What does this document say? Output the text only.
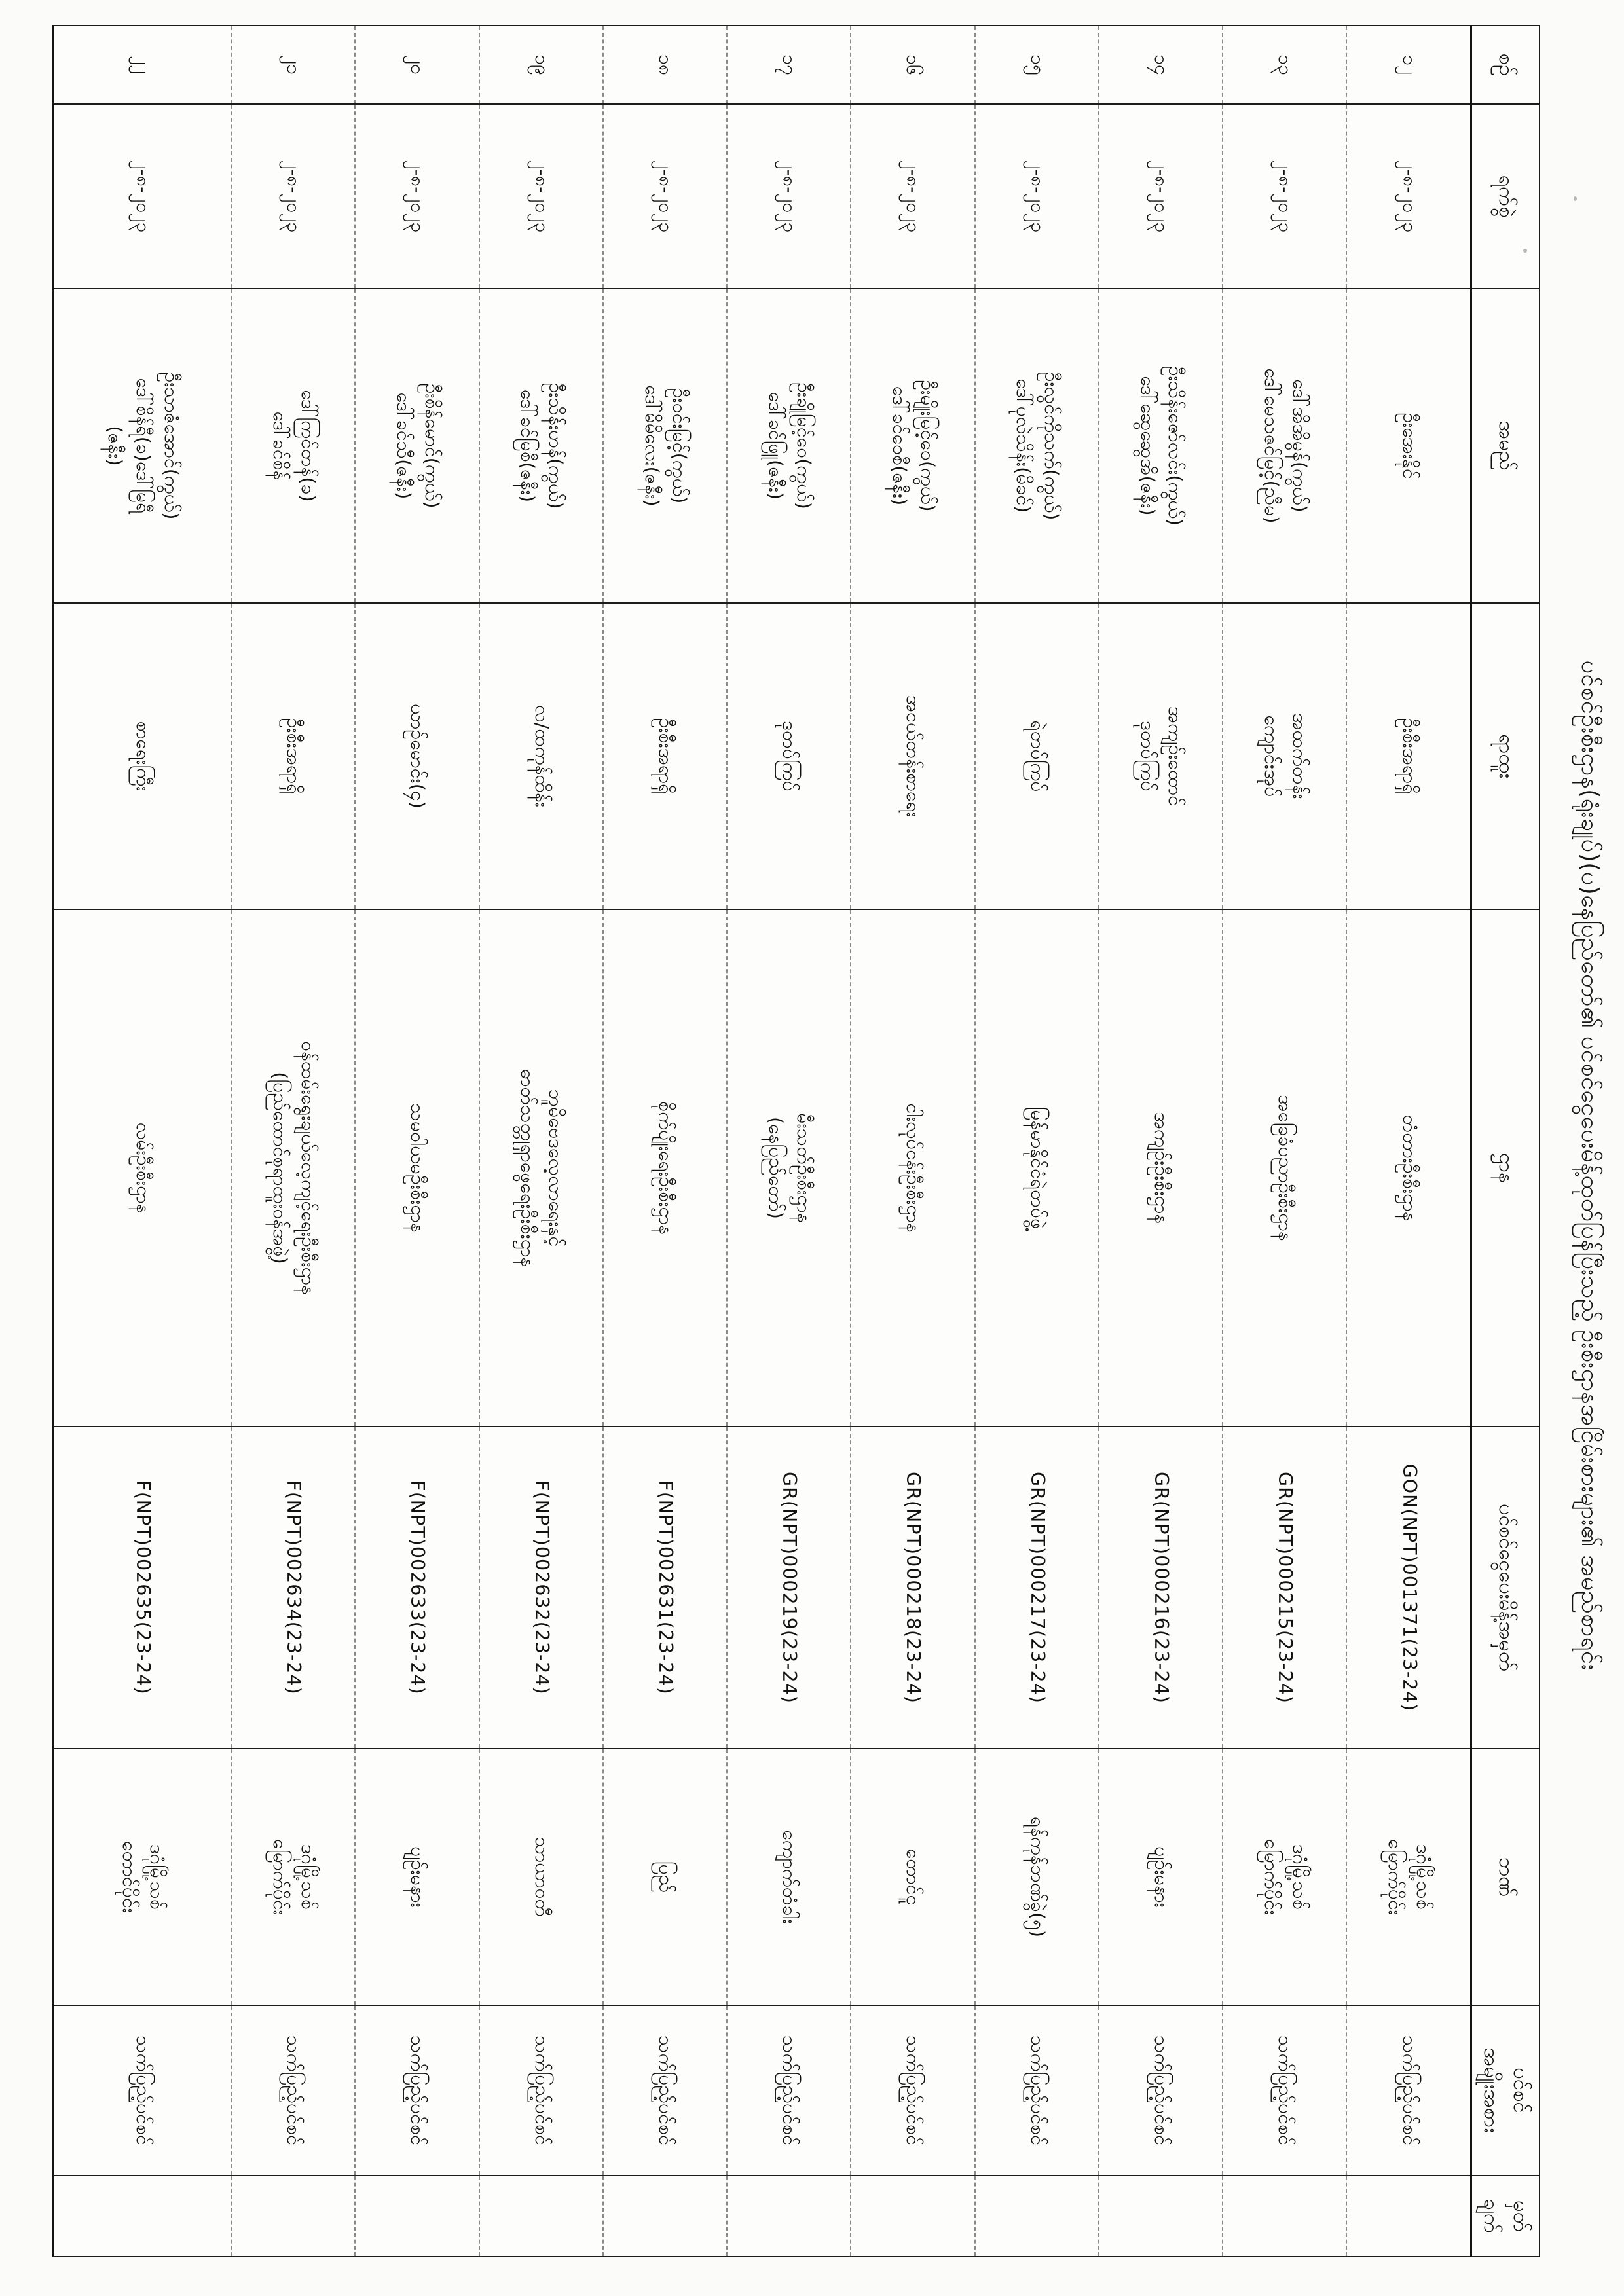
ပင်စင်ဦးစီးဌာန(ရုံးချုပ်)(ပ)နေပြည်တော်၏ ပင်စင်ငွေပေးမိန့်ထုတ်ပြန်ပြီးသည့် ဦးစီးဌာနအငြိမ်းစားများ၏ အမည်စာရင်း
စဉ်	ရက်စွဲ	အမည်	ရာထူး	ဌာန	ပင်စင်ငွေပေးမိန့်အမှတ်	ဘဏ်	ပင်စင်
အမျိုးအစား	မှတ်
ချက်

၁၂	၂-၈-၂၀၂၃	ဦးအေးနိုင်	ဦးစီးအရာရှိ	တံတားဦးစီးဌာန	GON(NPT)001371(23-24)	ဒဂုံမြို့သစ်
မြောက်ပိုင်း	သက်ပြည့်ပင်စင်	
၁၃	၂-၈-၂၀၂၃	ဒေါ်အိအိမွန်(ကွယ်)
ဒေါ်မေသဇင်မြင့်(ညီမ)	အထက်တန်း
ကျောင်းအုပ်	အခြေခံပညာဦးစီးဌာန	GR(NPT)000215(23-24)	ဒဂုံမြို့သစ်
မြောက်ပိုင်း	သက်ပြည့်ပင်စင်	
၁၄	၂-၈-၂၀၂၃	ဦးသိန်းဇော်လင်း(ကွယ်)
ဒေါ်ဆွေဆွေအိ(ဇနီး)	အကျဉ်းထောင်
ဒုတပ်ကြပ်	အကျဉ်းဦးစီးဌာန	GR(NPT)000216(23-24)	ပျဉ်းမနား	သက်ပြည့်ပင်စင်	
၁၅	၂-၈-၂၀၂၃	ဦးလွင်ကိုသက်(ကွယ်)
ဒေါ်ပုလဲသိန်း(မိခင်)	ရဲတပ်ကြပ်	မြန်မာနိုင်ငံရဲတပ်ဖွဲ့	GR(NPT)000217(23-24)	ရန်ကုန်ဘဏ်ခွဲ(၅)	သက်ပြည့်ပင်စင်	
၁၆	၂-၈-၂၀၂၃	ဦးမျိုးမြင့်ဝေ(ကွယ်)
ဒေါ်ခင်ဝေစီ(ဇနီး)	အငယ်တန်းစာရေး	ငါးလုပ်ငန်းဦးစီးဌာန	GR(NPT)000218(23-24)	တောင်ငူ	သက်ပြည့်ပင်စင်	
၁၇	၂-၈-၂၀၂၃	ဦးချိုမြင့်ဝေ(ကွယ်)
ဒေါ်ခင်ဖြူ(ဇနီး)	ဒုတပ်ကြပ်	မီးသတ်ဦးစီးဌာန
(နေပြည်တော်)	GR(NPT)000219(23-24)	ကျောက်တံခါး	သက်ပြည့်ပင်စင်	
၁၈	၂-၈-၂၀၂၃	ဦးဝင်းမြင့်(ကွယ်)
ဒေါ်မိမိလေး(ဇနီး)	ဦးစီးအရာရှိ	စိုက်ပျိုးရေးဦးစီးဌာန	F(NPT)002631(23-24)	ပြည်	သက်ပြည့်ပင်စင်	
၁၉	၂-၈-၂၀၂၃	ဦးသိန်းဟန်(ကွယ်)
ဒေါ်ခင်မြစီ(ဇနီး)	လ/ထကုန်ထိန်း	ဘူမိဗေဒလေ့လာရေးနှင့်
ဓာတ်သတ္တုရှာဖွေရေးဦးစီးဌာန	F(NPT)002632(23-24)	သာယာဝတီ	သက်ပြည့်ပင်စင်	
၂၀	၂-၈-၂၀၂၃	ဦးစိန်မောင်(ကွယ်)
ဒေါ်ခင်သီ(ဇနီး)	ယာဉ်မောင်း(၄)	သမဝါယမဦးစီးဌာန	F(NPT)002633(23-24)	ပျဉ်းမနား	သက်ပြည့်ပင်စင်	
၂၁	၂-၈-၂၀၂၃	ဒေါ်ကြင်တန်(ခ)
ဒေါ်ခင်စိန်	ဦးစီးအရာရှိ	ဝန်ထမ်းရွေးချယ်လေ့ကျင့်ရေးဦးစီးဌာန
(ပြည်ထောင်စုရာထူးဝန်အဖွဲ့)	F(NPT)002634(23-24)	ဒဂုံမြို့သစ်
မြောက်ပိုင်း	သက်ပြည့်ပင်စင်	
၂၂	၂-၈-၂၀၂၃	ဦးသာဇံအောင်(ကွယ်)
ဒေါ်စိန်ရီ(ခ)ဒေါ်မြရီ
(ဇနီး)	စာရေးကြီး	လမ်းဦးစီးဌာန	F(NPT)002635(23-24)	ဒဂုံမြို့သစ်
တောင်ပိုင်း	သက်ပြည့်ပင်စင်	
